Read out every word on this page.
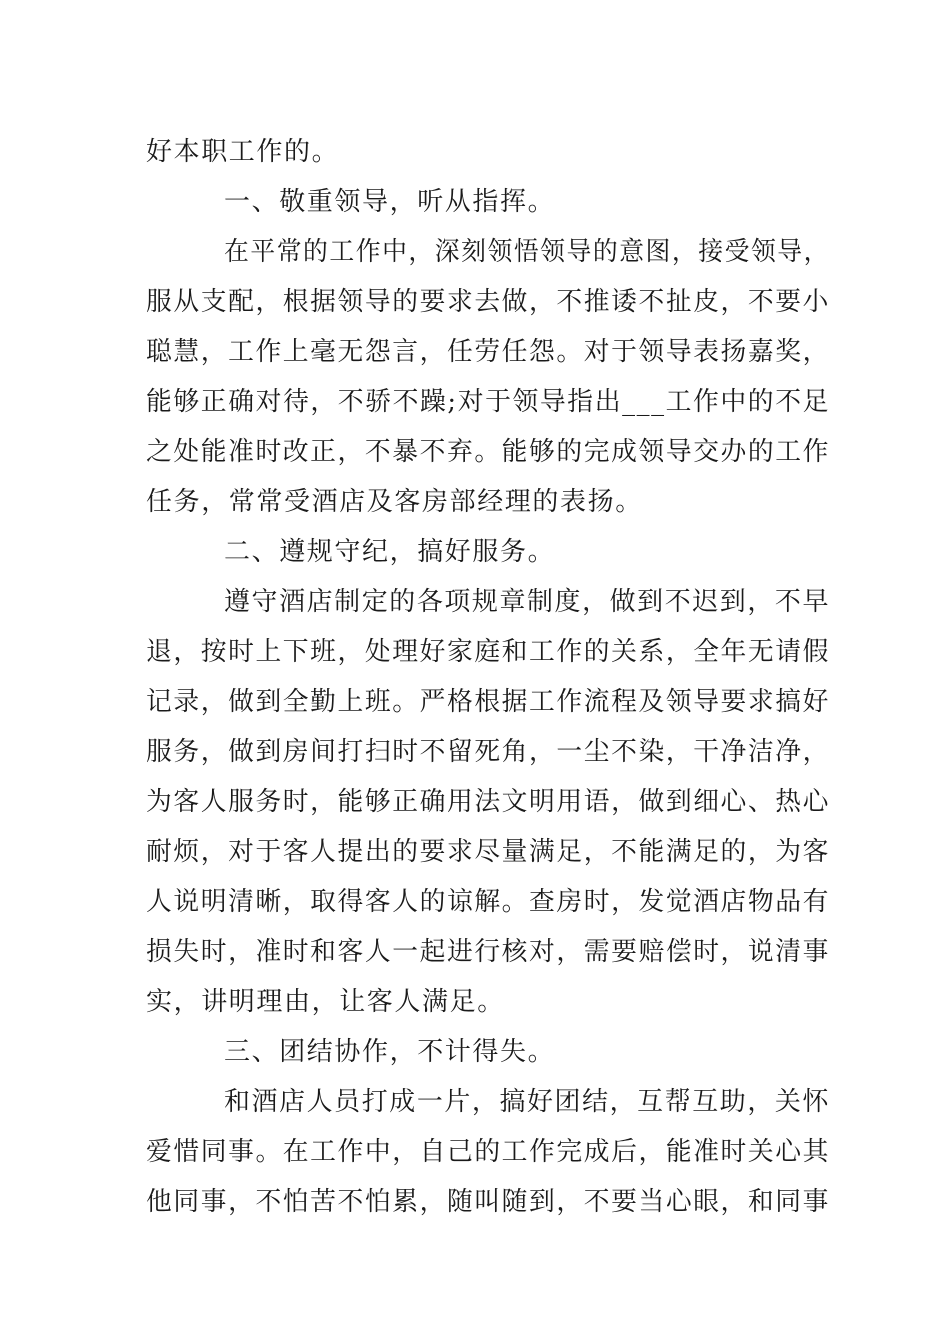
好本职工作的。

一、敬重领导，听从指挥。

在平常的工作中，深刻领悟领导的意图，接受领导，

服从支配，根据领导的要求去做，不推诿不扯皮，不要小

聪慧，工作上毫无怨言，任劳任怨。对于领导表扬嘉奖，

能够正确对待，不骄不躁;对于领导指出___工作中的不足

之处能准时改正，不暴不弃。能够的完成领导交办的工作

任务，常常受酒店及客房部经理的表扬。

二、遵规守纪，搞好服务。

遵守酒店制定的各项规章制度，做到不迟到，不早

退，按时上下班，处理好家庭和工作的关系，全年无请假

记录，做到全勤上班。严格根据工作流程及领导要求搞好

服务，做到房间打扫时不留死角，一尘不染，干净洁净，

为客人服务时，能够正确用法文明用语，做到细心、热心

耐烦，对于客人提出的要求尽量满足，不能满足的，为客

人说明清晰，取得客人的谅解。查房时，发觉酒店物品有

损失时，准时和客人一起进行核对，需要赔偿时，说清事

实，讲明理由，让客人满足。

三、团结协作，不计得失。

和酒店人员打成一片，搞好团结，互帮互助，关怀

爱惜同事。在工作中，自己的工作完成后，能准时关心其

他同事，不怕苦不怕累，随叫随到，不要当心眼，和同事
